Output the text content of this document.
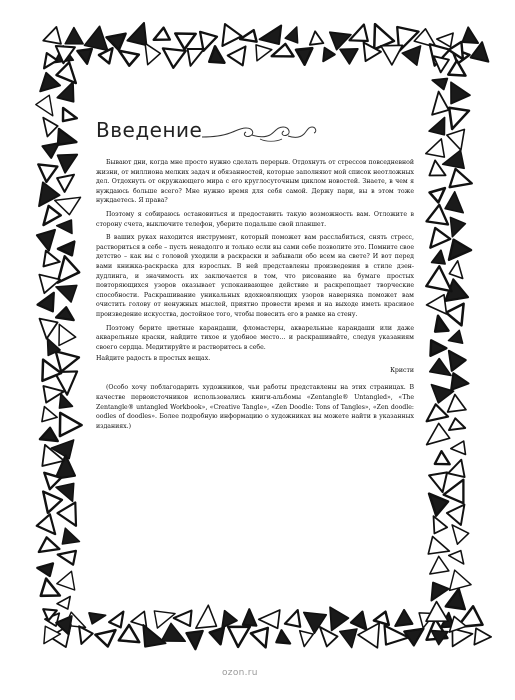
Введение

Бывают дни, когда мне просто нужно сделать перерыв. Отдохнуть от стрессов повседневной жизни, от миллиона мелких задач и обязанностей, которые заполняют мой список неотложных дел. Отдохнуть от окружающего мира с его круглосуточным циклом новостей. Знаете, в чем я нуждаюсь больше всего? Мне нужно время для себя самой. Держу пари, вы в этом тоже нуждаетесь. Я права?

Поэтому я собираюсь остановиться и предоставить такую возможность вам. Отложите в сторону счета, выключите телефон, уберите подальше свой планшет.

В ваших руках находится инструмент, который поможет вам расслабиться, снять стресс, раствориться в себе – пусть ненадолго и только если вы сами себе позволите это. Помните свое детство – как вы с головой уходили в раскраски и забывали обо всем на свете? И вот перед вами книжка-раскраска для взрослых. В ней представлены произведения в стиле дзен-дудлинга, и значимость их заключается в том, что рисование на бумаге простых повторяющихся узоров оказывает успокаивающее действие и раскрепощает творческие способности. Раскрашивание уникальных вдохновляющих узоров наверняка поможет вам очистить голову от ненужных мыслей, приятно провести время и на выходе иметь красивое произведение искусства, достойное того, чтобы повесить его в рамке на стену.

Поэтому берите цветные карандаши, фломастеры, акварельные карандаши или даже акварельные краски, найдите тихое и удобное место... и раскрашивайте, следуя указаниям своего сердца. Медитируйте и растворитесь в себе.

Найдите радость в простых вещах.
Кристи

(Особо хочу поблагодарить художников, чьи работы представлены на этих страницах. В качестве первоисточников использовались книги-альбомы «Zentangle® Untangled», «The Zentangle® untangled Workbook», «Creative Tangle», «Zen Doodle: Tons of Tangles», «Zen doodle: oodles of doodles». Более подробную информацию о художниках вы можете найти в указанных изданиях.)

ozon.ru
